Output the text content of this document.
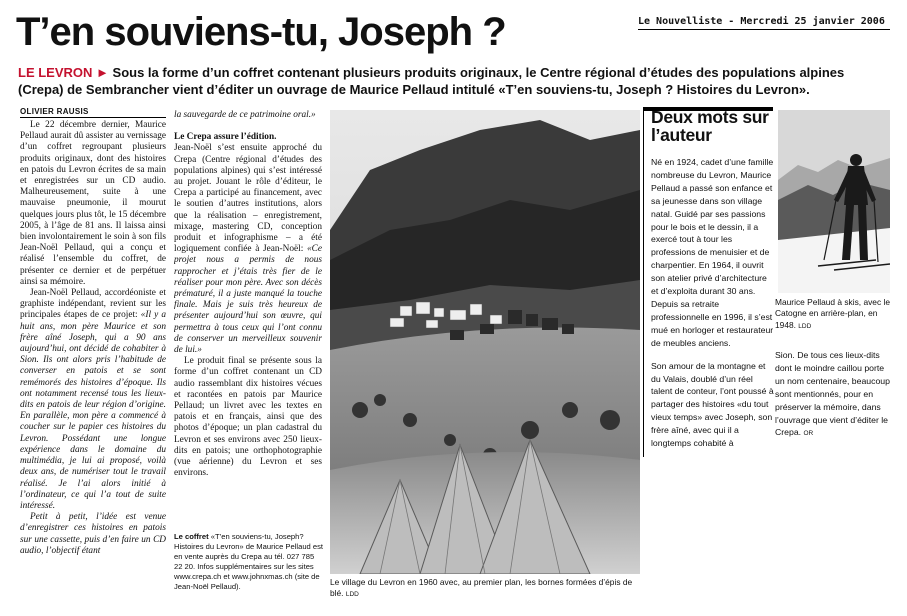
T’en souviens-tu, Joseph ?	Le Nouvelliste - Mercredi 25 janvier 2006
LE LEVRON ► Sous la forme d’un coffret contenant plusieurs produits originaux, le Centre régional d’études des populations alpines (Crepa) de Sembrancher vient d’éditer un ouvrage de Maurice Pellaud intitulé «T’en souviens-tu, Joseph ? Histoires du Levron».
OLIVIER RAUSIS

Le 22 décembre dernier, Maurice Pellaud aurait dû assister au vernissage d’un coffret regroupant plusieurs produits originaux, dont des histoires en patois du Levron écrites de sa main et enregistrées sur un CD audio. Malheureusement, suite à une mauvaise pneumonie, il mourut quelques jours plus tôt, le 15 décembre 2005, à l’âge de 81 ans. Il laissa ainsi bien involontairement le soin à son fils Jean-Noël Pellaud, qui a conçu et réalisé l’ensemble du coffret, de présenter ce dernier et de perpétuer ainsi sa mémoire.

Jean-Noël Pellaud, accordéoniste et graphiste indépendant, revient sur les principales étapes de ce projet: «Il y a huit ans, mon père Maurice et son frère aîné Joseph, qui a 90 ans aujourd’hui, ont décidé de cohabiter à Sion. Ils ont alors pris l’habitude de converser en patois et se sont remémorés des histoires d’époque. Ils ont notamment recensé tous les lieux-dits en patois de leur région d’origine. En parallèle, mon père a commencé à coucher sur le papier ces histoires du Levron. Possédant une longue expérience dans le domaine du multimédia, je lui ai proposé, voilà deux ans, de numériser tout le travail réalisé. Je l’ai alors initié à l’ordinateur, ce qui l’a tout de suite intéressé.

Petit à petit, l’idée est venue d’enregistrer ces histoires en patois sur une cassette, puis d’en faire un CD audio, l’objectif étant

la sauvegarde de ce patrimoine oral.»

Le Crepa assure l’édition.

Jean-Noël s’est ensuite approché du Crepa (Centre régional d’études des populations alpines) qui s’est intéressé au projet. Jouant le rôle d’éditeur, le Crepa a participé au financement, avec le soutien d’autres institutions, alors que la réalisation – enregistrement, mixage, mastering CD, conception produit et infographisme – a été logiquement confiée à Jean-Noël: «Ce projet nous a permis de nous rapprocher et j’étais très fier de le réaliser pour mon père. Avec son décès prématuré, il a juste manqué la touche finale. Mais je suis très heureux de présenter aujourd’hui son œuvre, qui permettra à tous ceux qui l’ont connu de conserver un merveilleux souvenir de lui.»

Le produit final se présente sous la forme d’un coffret contenant un CD audio rassemblant dix histoires vécues et racontées en patois par Maurice Pellaud; un livret avec les textes en patois et en français, ainsi que des photos d’époque; un plan cadastral du Levron et ses environs avec 250 lieux-dits en patois; une orthophotographie (vue aérienne) du Levron et ses environs.

Le coffret «T’en souviens-tu, Joseph? Histoires du Levron» de Maurice Pellaud est en vente auprès du Crepa au tél. 027 785 22 20. Infos supplémentaires sur les sites www.crepa.ch et www.johnxmas.ch (site de Jean-Noël Pellaud).	Le village du Levron en 1960 avec, au premier plan, les bornes formées d’épis de blé. LDD
Deux mots sur l’auteur

Né en 1924, cadet d’une famille nombreuse du Levron, Maurice Pellaud a passé son enfance et sa jeunesse dans son village natal. Guidé par ses passions pour le bois et le dessin, il a exercé tout à tour les professions de menuisier et de charpentier. En 1964, il ouvrit son atelier privé d’architecture et d’exploita durant 30 ans. Depuis sa retraite professionnelle en 1996, il s’est mué en horloger et restaurateur de meubles anciens.

Son amour de la montagne et du Valais, doublé d’un réel talent de conteur, l’ont poussé à partager des histoires «du tout vieux temps» avec Joseph, son frère aîné, avec qui il a longtemps cohabité à

Maurice Pellaud à skis, avec le Catogne en arrière-plan, en 1948. LDD
Sion. De tous ces lieux-dits dont le moindre caillou porte un nom centenaire, beaucoup sont mentionnés, pour en préserver la mémoire, dans l’ouvrage que vient d’éditer le Crepa. OR
